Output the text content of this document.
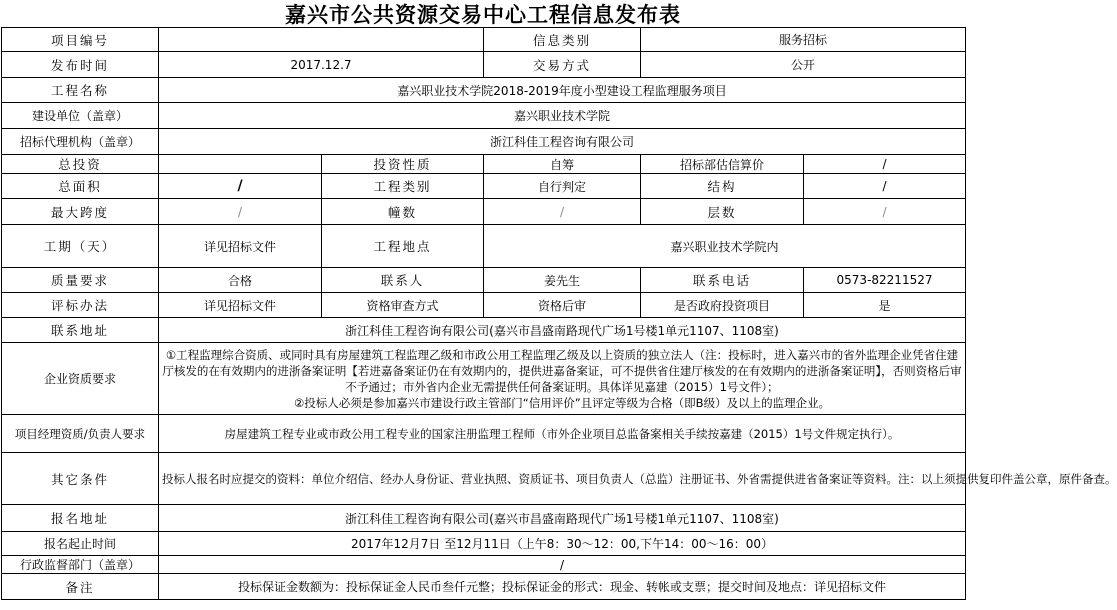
嘉兴市公共资源交易中心工程信息发布表
项目编号			信息类别	服务招标	
发布时间	2017.12.7		交易方式	公开	
工程名称	嘉兴职业技术学院2018-2019年度小型建设工程监理服务项目				
建设单位（盖章）	嘉兴职业技术学院				
招标代理机构（盖章）	浙江科佳工程咨询有限公司				
总投资		投资性质	自筹	招标部估信算价	/
总面积	/	工程类别	自行判定	结构	/
最大跨度	/	幢数	/	层数	/
工期（天）	详见招标文件	工程地点	嘉兴职业技术学院内		
质量要求	合格	联系人	姜先生	联系电话	0573-82211527
评标办法	详见招标文件	资格审查方式	资格后审	是否政府投资项目	是
联系地址	浙江科佳工程咨询有限公司(嘉兴市昌盛南路现代广场1号楼1单元1107、1108室)				
企业资质要求	①工程监理综合资质、或同时具有房屋建筑工程监理乙级和市政公用工程监理乙级及以上资质的独立法人（注：投标时，进入嘉兴市的省外监理企业凭省住建厅核发的在有效期内的进浙备案证明【若进嘉备案证仍在有效期内的，提供进嘉备案证，可不提供省住建厅核发的在有效期内的进浙备案证明】，否则资格后审不予通过；市外省内企业无需提供任何备案证明。具体详见嘉建（2015）1号文件）；
②投标人必须是参加嘉兴市建设行政主管部门“信用评价”且评定等级为合格（即B级）及以上的监理企业。				
项目经理资质/负责人要求	房屋建筑工程专业或市政公用工程专业的国家注册监理工程师（市外企业项目总监备案相关手续按嘉建（2015）1号文件规定执行）。				
其它条件	投标人报名时应提交的资料：单位介绍信、经办人身份证、营业执照、资质证书、项目负责人（总监）注册证书、外省需提供进省备案证等资料。注：以上须提供复印件盖公章，原件备查。				
报名地址	浙江科佳工程咨询有限公司(嘉兴市昌盛南路现代广场1号楼1单元1107、1108室)				
报名起止时间	2017年12月7日 至12月11日（上午8：30～12：00,下午14：00～16：00）				
行政监督部门（盖章）	/				
备注	投标保证金数额为：投标保证金人民币叁仟元整；投标保证金的形式：现金、转帐或支票；提交时间及地点：详见招标文件				
